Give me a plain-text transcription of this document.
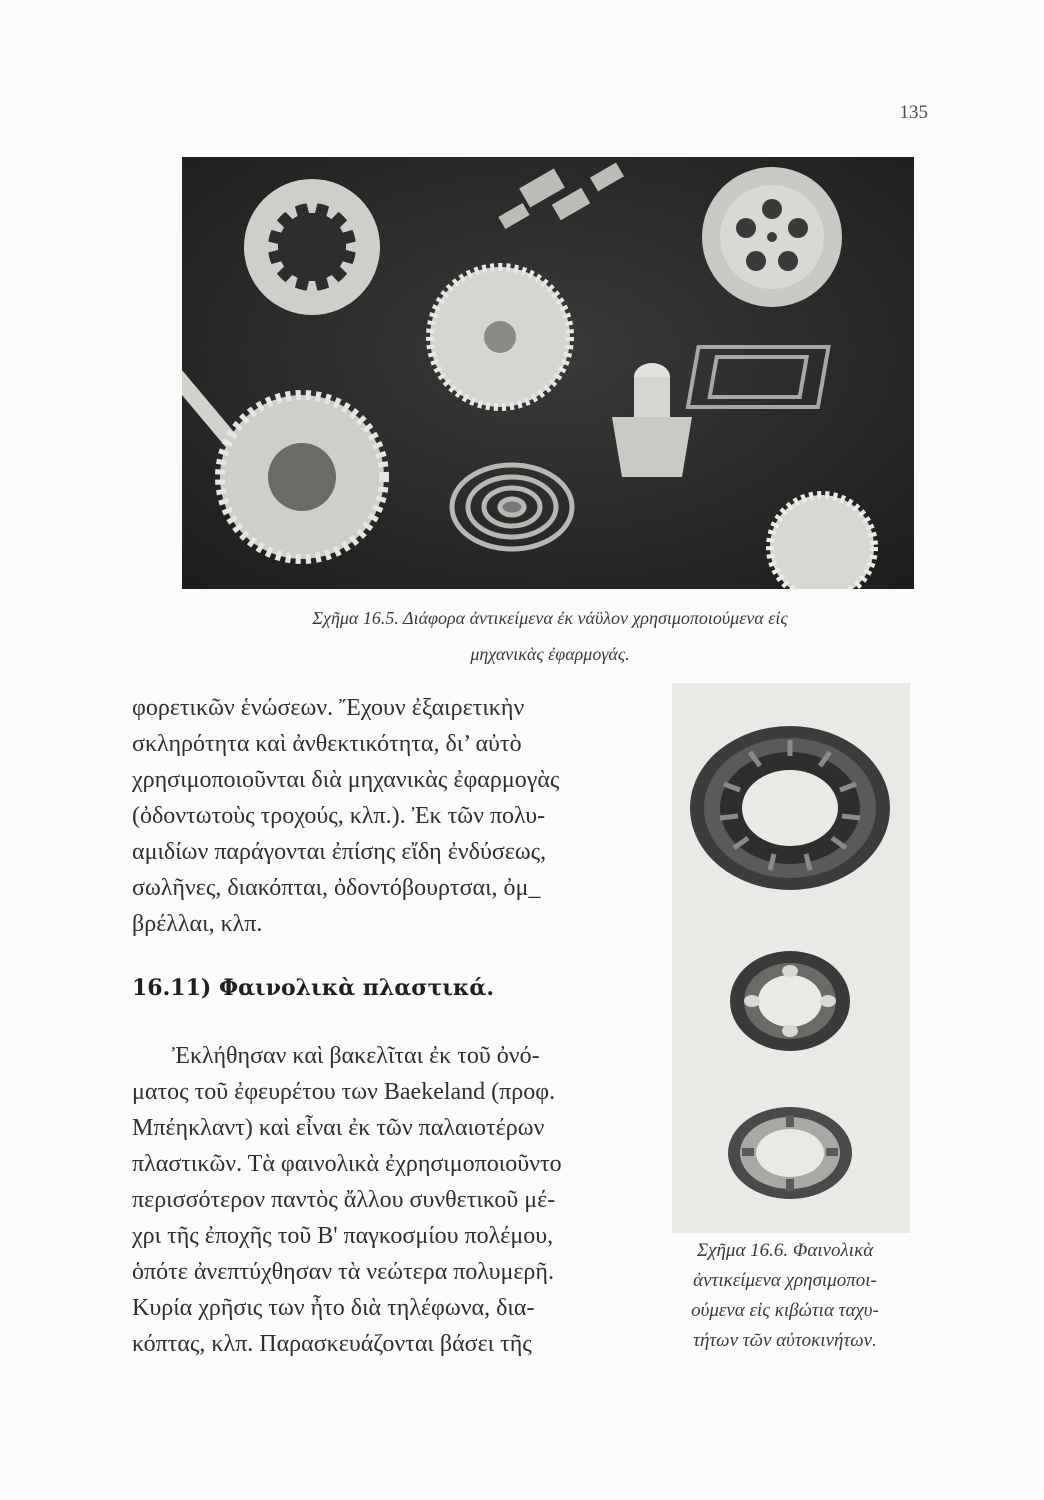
135
Σχῆμα 16.5. Διάφορα ἀντικείμενα ἐκ νάϋλον χρησιμοποιούμενα εἰς
μηχανικὰς ἐφαρμογάς.
φορετικῶν ἑνώσεων. Ἔχουν ἐξαιρετικὴν
σκληρότητα καὶ ἀνθεκτικότητα, δι’ αὐτὸ
χρησιμοποιοῦνται διὰ μηχανικὰς ἐφαρμογὰς
(ὀδοντωτοὺς τροχούς, κλπ.). Ἐκ τῶν πολυ-
αμιδίων παράγονται ἐπίσης εἴδη ἐνδύσεως,
σωλῆνες, διακόπται, ὀδοντόβουρτσαι, ὀμ_
βρέλλαι, κλπ.
16.11) Φαινολικὰ πλαστικά.
Ἐκλήθησαν καὶ βακελῖται ἐκ τοῦ ὀνό-
ματος τοῦ ἐφευρέτου των Baekeland (προφ.
Μπέηκλαντ) καὶ εἶναι ἐκ τῶν παλαιοτέρων
πλαστικῶν. Τὰ φαινολικὰ ἐχρησιμοποιοῦντο
περισσότερον παντὸς ἄλλου συνθετικοῦ μέ-
χρι τῆς ἐποχῆς τοῦ Β' παγκοσμίου πολέμου,
ὁπότε ἀνεπτύχθησαν τὰ νεώτερα πολυμερῆ.
Κυρία χρῆσις των ἦτο διὰ τηλέφωνα, δια-
κόπτας, κλπ. Παρασκευάζονται βάσει τῆς
Σχῆμα 16.6. Φαινολικὰ
ἀντικείμενα χρησιμοποι-
ούμενα εἰς κιβώτια ταχυ-
τήτων τῶν αὐτοκινήτων.
